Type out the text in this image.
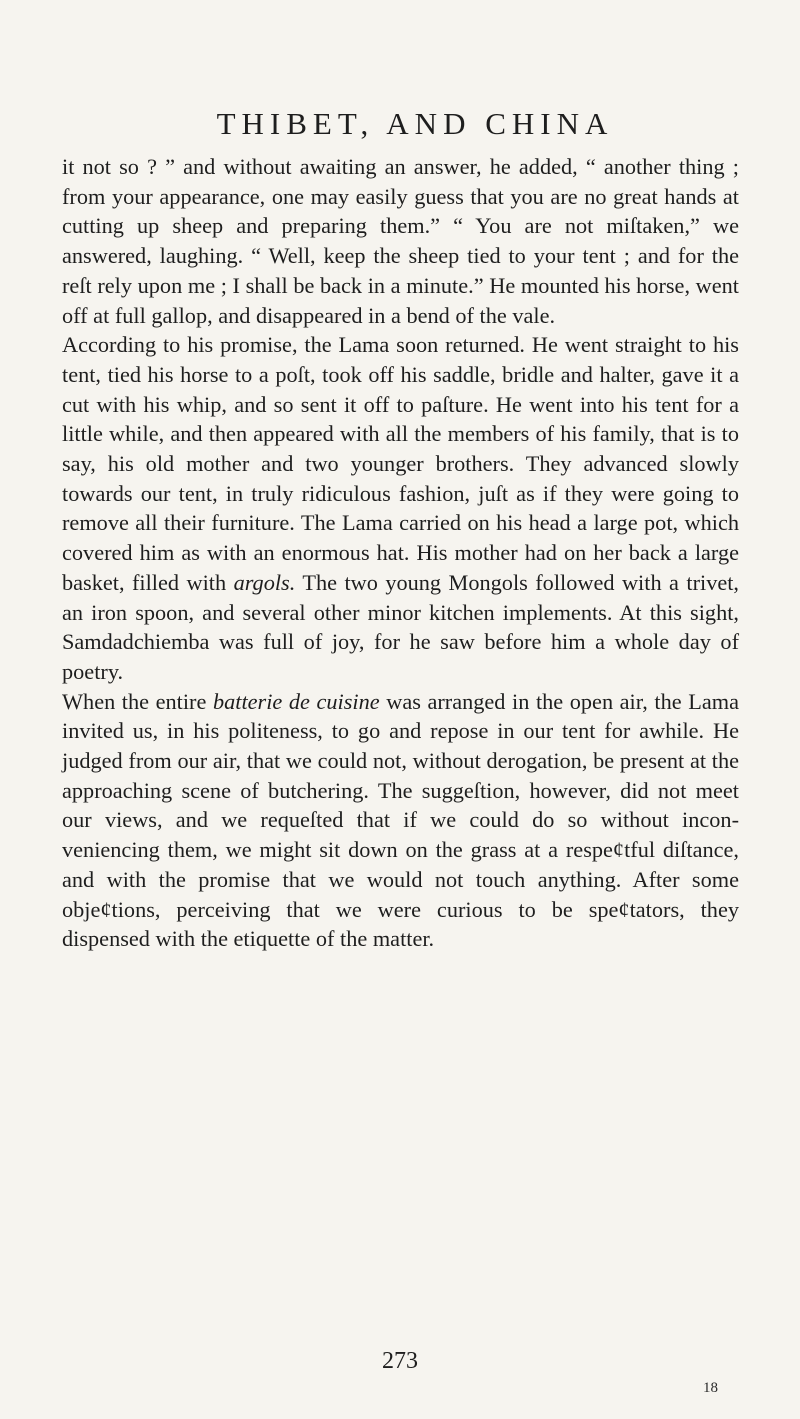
THIBET, AND CHINA

it not so ? ” and without awaiting an answer, he added, “ another thing ; from your appearance, one may easily guess that you are no great hands at cutting up sheep and preparing them.” “ You are not miſtaken,” we answered, laughing. “ Well, keep the sheep tied to your tent ; and for the reſt rely upon me ; I shall be back in a minute.” He mounted his horse, went off at full gallop, and disappeared in a bend of the vale.

According to his promise, the Lama soon returned. He went straight to his tent, tied his horse to a poſt, took off his saddle, bridle and halter, gave it a cut with his whip, and so sent it off to paſture. He went into his tent for a little while, and then appeared with all the members of his family, that is to say, his old mother and two younger brothers. They advanced slowly towards our tent, in truly ridiculous fashion, juſt as if they were going to remove all their furniture. The Lama carried on his head a large pot, which covered him as with an enormous hat. His mother had on her back a large basket, filled with argols. The two young Mongols followed with a trivet, an iron spoon, and several other minor kitchen implements. At this sight, Samdadchiemba was full of joy, for he saw before him a whole day of poetry.

When the entire batterie de cuisine was arranged in the open air, the Lama invited us, in his politeness, to go and repose in our tent for awhile. He judged from our air, that we could not, without derogation, be present at the approaching scene of butchering. The suggeſtion, however, did not meet our views, and we requeſted that if we could do so without incon- veniencing them, we might sit down on the grass at a respe¢tful diſtance, and with the promise that we would not touch anything. After some obje¢tions, perceiving that we were curious to be spe¢tators, they dispensed with the etiquette of the matter.

273
18
